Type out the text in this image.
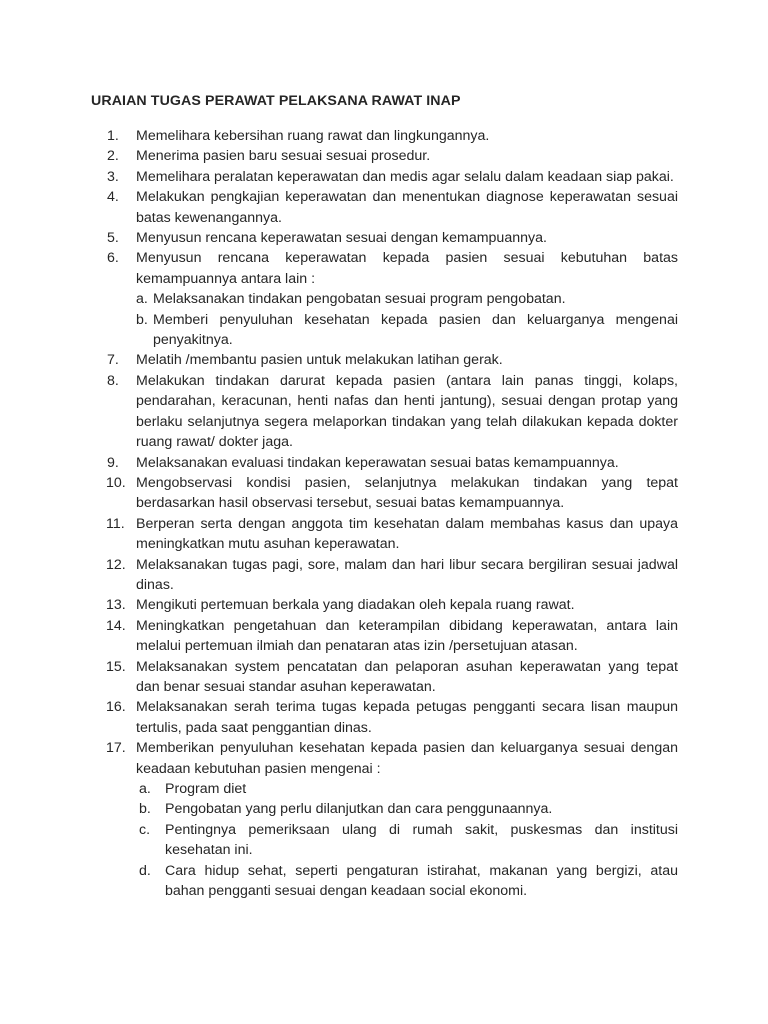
URAIAN TUGAS PERAWAT PELAKSANA RAWAT INAP
1. Memelihara kebersihan ruang rawat dan lingkungannya.
2. Menerima pasien baru sesuai sesuai prosedur.
3. Memelihara peralatan keperawatan dan medis agar selalu dalam keadaan siap pakai.
4. Melakukan pengkajian keperawatan dan menentukan diagnose keperawatan sesuai batas kewenangannya.
5. Menyusun rencana keperawatan sesuai dengan kemampuannya.
6. Menyusun rencana keperawatan kepada pasien sesuai kebutuhan batas kemampuannya antara lain :
a. Melaksanakan tindakan pengobatan sesuai program pengobatan.
b. Memberi penyuluhan kesehatan kepada pasien dan keluarganya mengenai penyakitnya.
7. Melatih /membantu pasien untuk melakukan latihan gerak.
8. Melakukan tindakan darurat kepada pasien (antara lain panas tinggi, kolaps, pendarahan, keracunan, henti nafas dan henti jantung), sesuai dengan protap yang berlaku selanjutnya segera melaporkan tindakan yang telah dilakukan kepada dokter ruang rawat/ dokter jaga.
9. Melaksanakan evaluasi tindakan keperawatan sesuai batas kemampuannya.
10. Mengobservasi kondisi pasien, selanjutnya melakukan tindakan yang tepat berdasarkan hasil observasi tersebut, sesuai batas kemampuannya.
11. Berperan serta dengan anggota tim kesehatan dalam membahas kasus dan upaya meningkatkan mutu asuhan keperawatan.
12. Melaksanakan tugas pagi, sore, malam dan hari libur secara bergiliran sesuai jadwal dinas.
13. Mengikuti pertemuan berkala yang diadakan oleh kepala ruang rawat.
14. Meningkatkan pengetahuan dan keterampilan dibidang keperawatan, antara lain melalui pertemuan ilmiah dan penataran atas izin /persetujuan atasan.
15. Melaksanakan system pencatatan dan pelaporan asuhan keperawatan yang tepat dan benar sesuai standar asuhan keperawatan.
16. Melaksanakan serah terima tugas kepada petugas pengganti secara lisan maupun tertulis, pada saat penggantian dinas.
17. Memberikan penyuluhan kesehatan kepada pasien dan keluarganya sesuai dengan keadaan kebutuhan pasien mengenai :
a. Program diet
b. Pengobatan yang perlu dilanjutkan dan cara penggunaannya.
c. Pentingnya pemeriksaan ulang di rumah sakit, puskesmas dan institusi kesehatan ini.
d. Cara hidup sehat, seperti pengaturan istirahat, makanan yang bergizi, atau bahan pengganti sesuai dengan keadaan social ekonomi.
